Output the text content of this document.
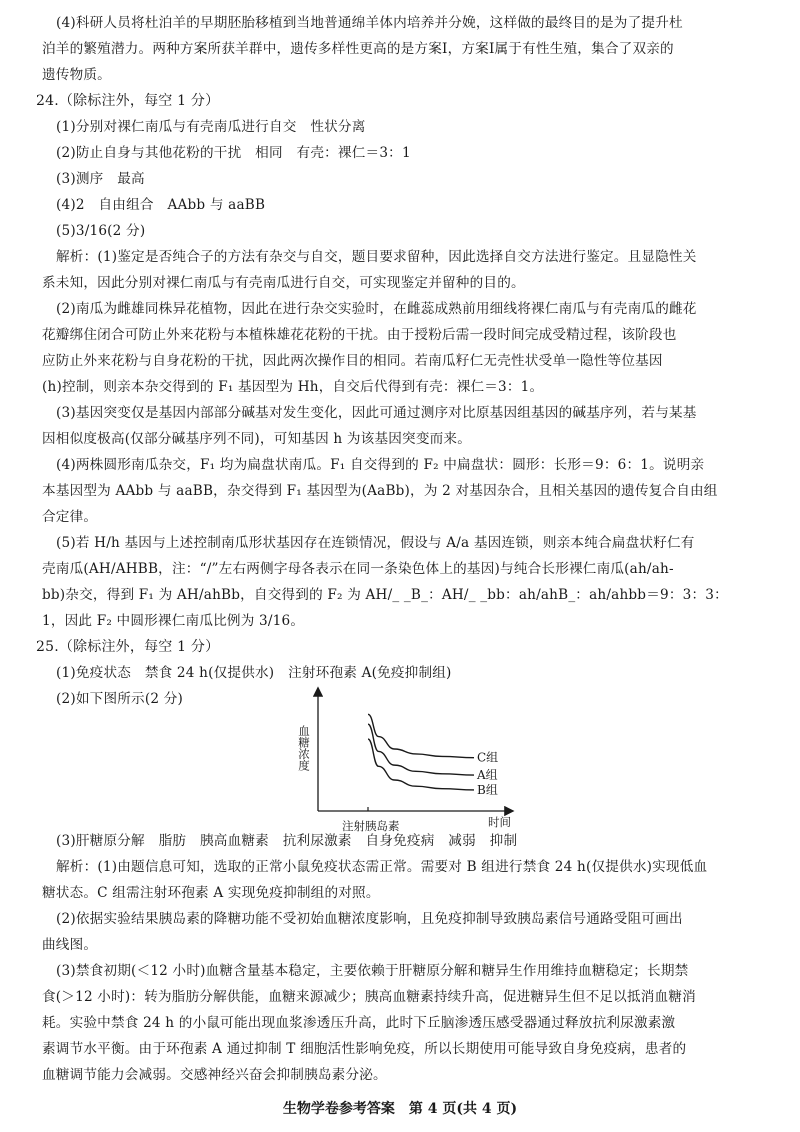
(4)科研人员将杜泊羊的早期胚胎移植到当地普通绵羊体内培养并分娩，这样做的最终目的是为了提升杜
泊羊的繁殖潜力。两种方案所获羊群中，遗传多样性更高的是方案Ⅰ，方案Ⅰ属于有性生殖，集合了双亲的
遗传物质。
24.（除标注外，每空 1 分）
(1)分别对裸仁南瓜与有壳南瓜进行自交　性状分离
(2)防止自身与其他花粉的干扰　相同　有壳：裸仁＝3：1
(3)测序　最高
(4)2　自由组合　AAbb 与 aaBB
(5)3/16(2 分)
解析：(1)鉴定是否纯合子的方法有杂交与自交，题目要求留种，因此选择自交方法进行鉴定。且显隐性关
系未知，因此分别对裸仁南瓜与有壳南瓜进行自交，可实现鉴定并留种的目的。
(2)南瓜为雌雄同株异花植物，因此在进行杂交实验时，在雌蕊成熟前用细线将裸仁南瓜与有壳南瓜的雌花
花瓣绑住闭合可防止外来花粉与本植株雄花花粉的干扰。由于授粉后需一段时间完成受精过程，该阶段也
应防止外来花粉与自身花粉的干扰，因此两次操作目的相同。若南瓜籽仁无壳性状受单一隐性等位基因
(h)控制，则亲本杂交得到的 F₁ 基因型为 Hh，自交后代得到有壳：裸仁＝3：1。
(3)基因突变仅是基因内部部分碱基对发生变化，因此可通过测序对比原基因组基因的碱基序列，若与某基
因相似度极高(仅部分碱基序列不同)，可知基因 h 为该基因突变而来。
(4)两株圆形南瓜杂交，F₁ 均为扁盘状南瓜。F₁ 自交得到的 F₂ 中扁盘状：圆形：长形＝9：6：1。说明亲
本基因型为 AAbb 与 aaBB，杂交得到 F₁ 基因型为(AaBb)，为 2 对基因杂合，且相关基因的遗传复合自由组
合定律。
(5)若 H/h 基因与上述控制南瓜形状基因存在连锁情况，假设与 A/a 基因连锁，则亲本纯合扁盘状籽仁有
壳南瓜(AH/AHBB，注：“/”左右两侧字母各表示在同一条染色体上的基因)与纯合长形裸仁南瓜(ah/ah-
bb)杂交，得到 F₁ 为 AH/ahBb，自交得到的 F₂ 为 AH/_ _B_：AH/_ _bb：ah/ahB_：ah/ahbb＝9：3：3：
1，因此 F₂ 中圆形裸仁南瓜比例为 3/16。
25.（除标注外，每空 1 分）
(1)免疫状态　禁食 24 h(仅提供水)　注射环孢素 A(免疫抑制组)
(2)如下图所示(2 分)
血糖浓度
时间
注射胰岛素
C组
A组
B组
(3)肝糖原分解　脂肪　胰高血糖素　抗利尿激素　自身免疫病　减弱　抑制
解析：(1)由题信息可知，选取的正常小鼠免疫状态需正常。需要对 B 组进行禁食 24 h(仅提供水)实现低血
糖状态。C 组需注射环孢素 A 实现免疫抑制组的对照。
(2)依据实验结果胰岛素的降糖功能不受初始血糖浓度影响，且免疫抑制导致胰岛素信号通路受阻可画出
曲线图。
(3)禁食初期(＜12 小时)血糖含量基本稳定，主要依赖于肝糖原分解和糖异生作用维持血糖稳定；长期禁
食(＞12 小时)：转为脂肪分解供能，血糖来源减少；胰高血糖素持续升高，促进糖异生但不足以抵消血糖消
耗。实验中禁食 24 h 的小鼠可能出现血浆渗透压升高，此时下丘脑渗透压感受器通过释放抗利尿激素激
素调节水平衡。由于环孢素 A 通过抑制 T 细胞活性影响免疫，所以长期使用可能导致自身免疫病，患者的
血糖调节能力会减弱。交感神经兴奋会抑制胰岛素分泌。
生物学卷参考答案　第 4 页(共 4 页)
